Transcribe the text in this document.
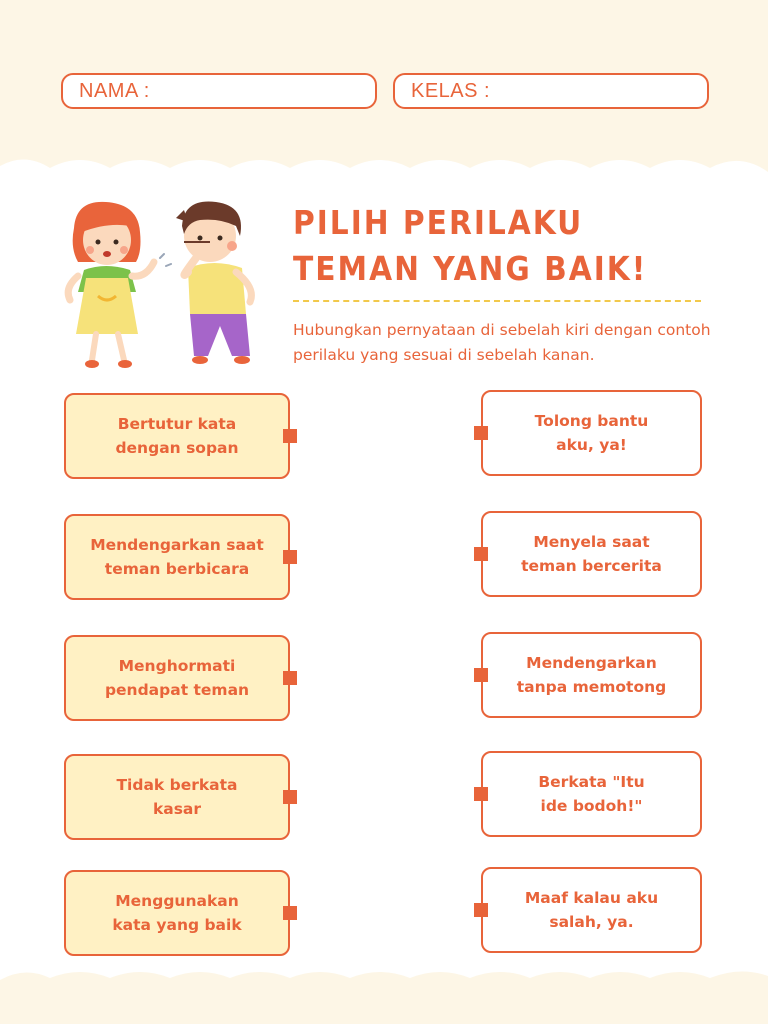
NAMA :	KELAS :
PILIH PERILAKU
TEMAN YANG BAIK!

Hubungkan pernyataan di sebelah kiri dengan contoh perilaku yang sesuai di sebelah kanan.

Bertutur kata
dengan sopan
Mendengarkan saat
teman berbicara
Menghormati
pendapat teman
Tidak berkata
kasar
Menggunakan
kata yang baik
Tolong bantu
aku, ya!
Menyela saat
teman bercerita
Mendengarkan
tanpa memotong
Berkata "Itu
ide bodoh!"
Maaf kalau aku
salah, ya.
